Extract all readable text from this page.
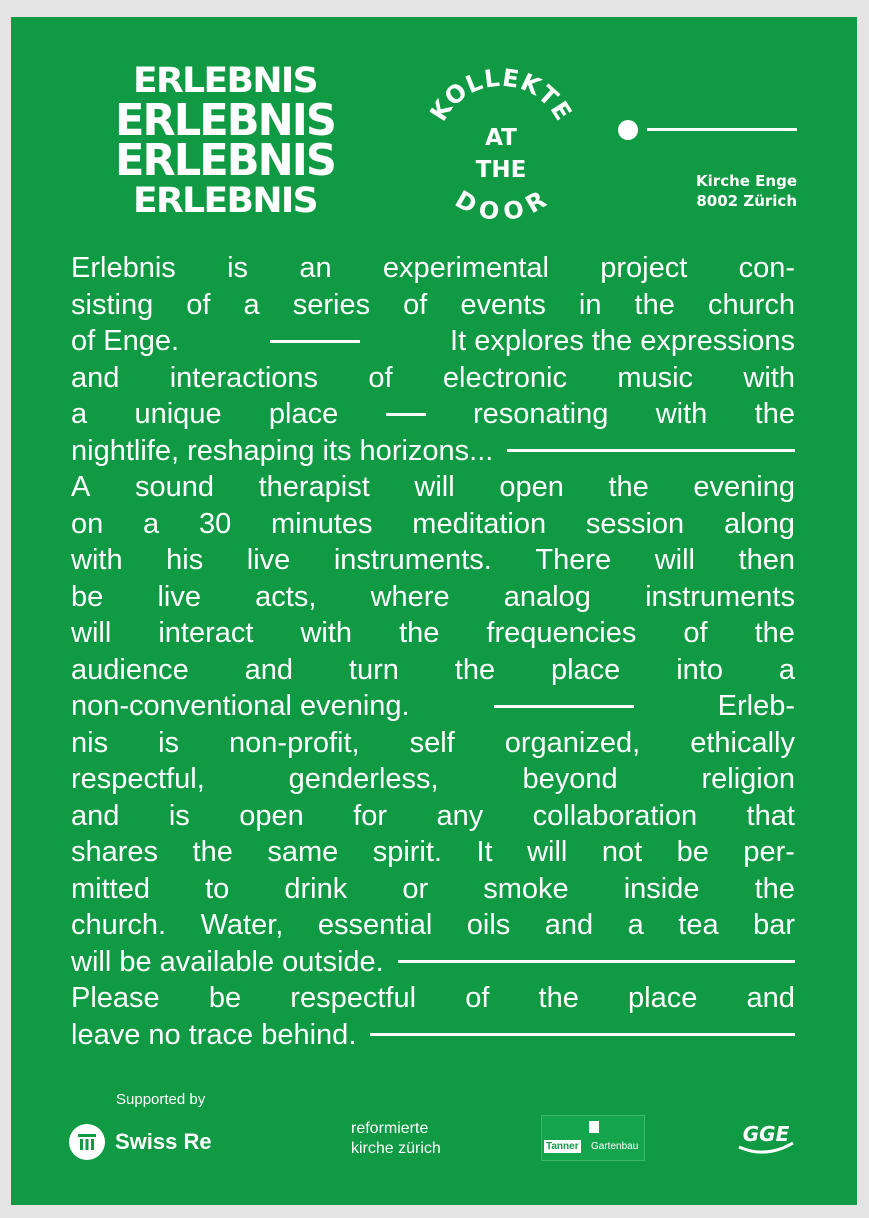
ERLEBNIS
ERLEBNIS
ERLEBNIS
ERLEBNIS
KOLLEKTE
DOOR
AT
THE	Kirche Enge
8002 Zürich
Erlebnis is an experimental project con-
sisting of a series of events in the church
of Enge.	It explores the expressions
and interactions of electronic music with
a unique place	resonating with the
nightlife, reshaping its horizons...
A sound therapist will open the evening
on a 30 minutes meditation session along
with his live instruments. There will then
be live acts, where analog instruments
will interact with the frequencies of the
audience and turn the place into a
non-conventional evening.	Erleb-
nis is non-profit, self organized, ethically
respectful,	genderless,	beyond	religion
and is open for any collaboration that
shares the same spirit. It will not be per-
mitted to drink or smoke inside the
church. Water, essential oils and a tea bar
will be available outside.
Please be respectful of the place and
leave no trace behind.
Supported by
Swiss Re
reformierte
kirche zürich	Tanner Gartenbau
GGE
